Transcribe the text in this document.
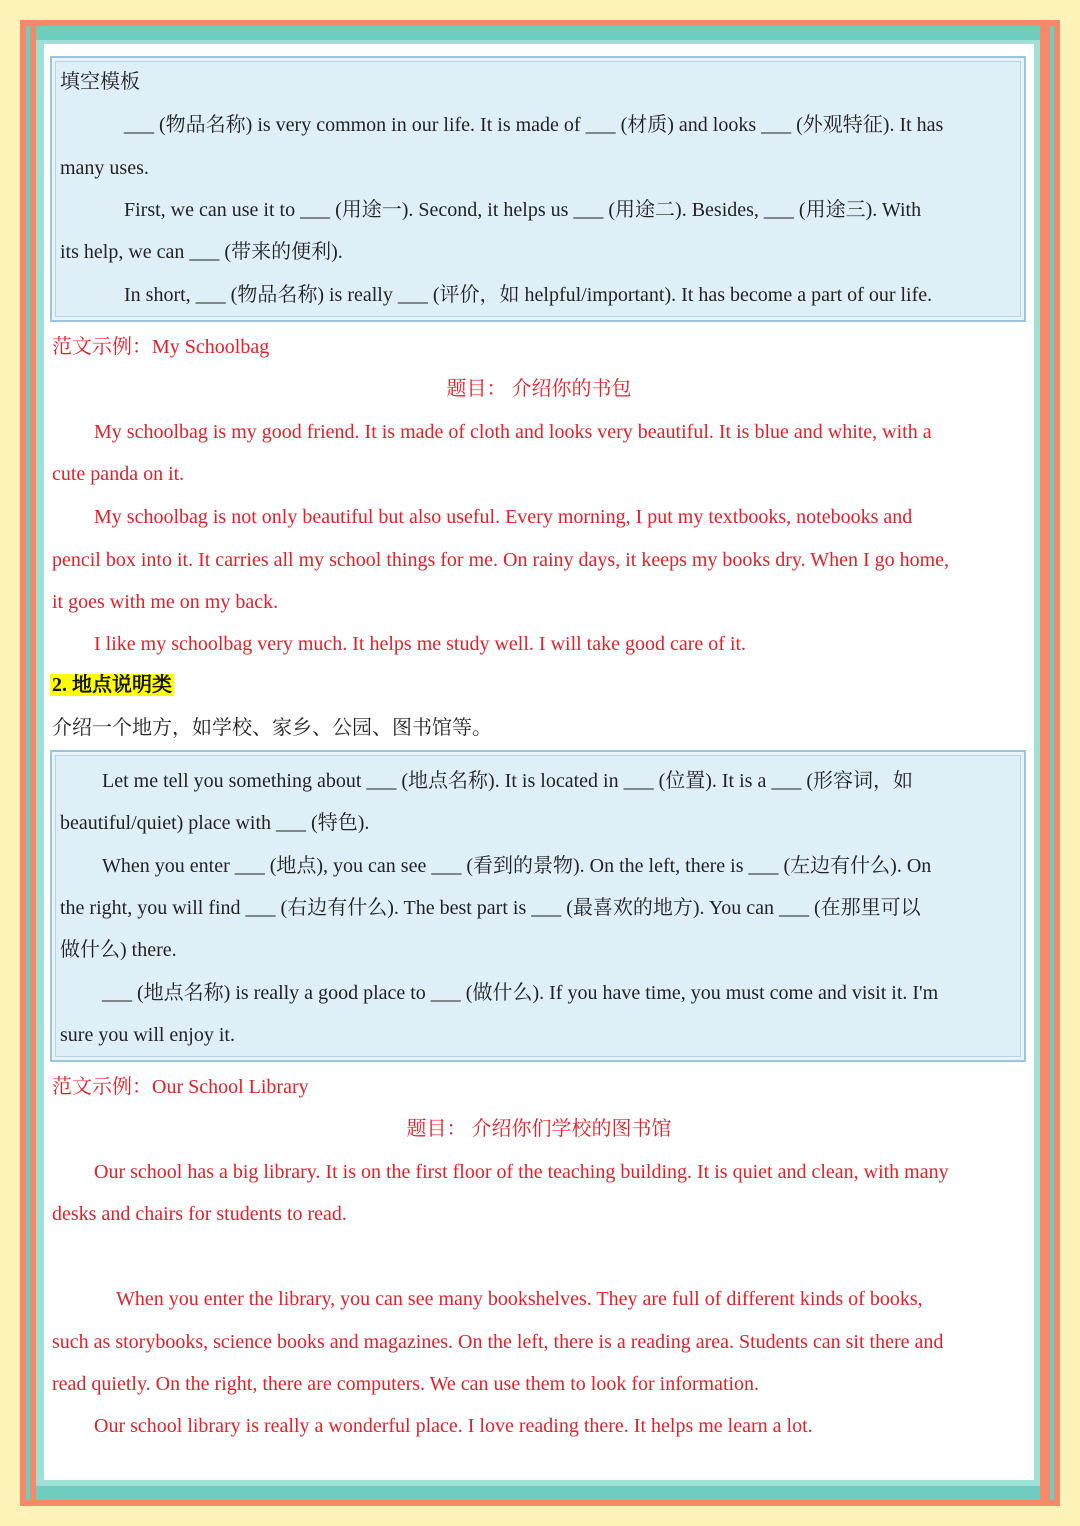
填空模板
___ (物品名称) is very common in our life. It is made of ___ (材质) and looks ___ (外观特征). It has
many uses.
First, we can use it to ___ (用途一). Second, it helps us ___ (用途二). Besides, ___ (用途三). With
its help, we can ___ (带来的便利).
In short, ___ (物品名称) is really ___ (评价，如 helpful/important). It has become a part of our life.
范文示例：My Schoolbag
题目： 介绍你的书包
My schoolbag is my good friend. It is made of cloth and looks very beautiful. It is blue and white, with a
cute panda on it.
My schoolbag is not only beautiful but also useful. Every morning, I put my textbooks, notebooks and
pencil box into it. It carries all my school things for me. On rainy days, it keeps my books dry. When I go home,
it goes with me on my back.
I like my schoolbag very much. It helps me study well. I will take good care of it.
2. 地点说明类
介绍一个地方，如学校、家乡、公园、图书馆等。
Let me tell you something about ___ (地点名称). It is located in ___ (位置). It is a ___ (形容词，如
beautiful/quiet) place with ___ (特色).
When you enter ___ (地点), you can see ___ (看到的景物). On the left, there is ___ (左边有什么). On
the right, you will find ___ (右边有什么). The best part is ___ (最喜欢的地方). You can ___ (在那里可以
做什么) there.
___ (地点名称) is really a good place to ___ (做什么). If you have time, you must come and visit it. I'm
sure you will enjoy it.
范文示例：Our School Library
题目： 介绍你们学校的图书馆
Our school has a big library. It is on the first floor of the teaching building. It is quiet and clean, with many
desks and chairs for students to read.
When you enter the library, you can see many bookshelves. They are full of different kinds of books,
such as storybooks, science books and magazines. On the left, there is a reading area. Students can sit there and
read quietly. On the right, there are computers. We can use them to look for information.
Our school library is really a wonderful place. I love reading there. It helps me learn a lot.
